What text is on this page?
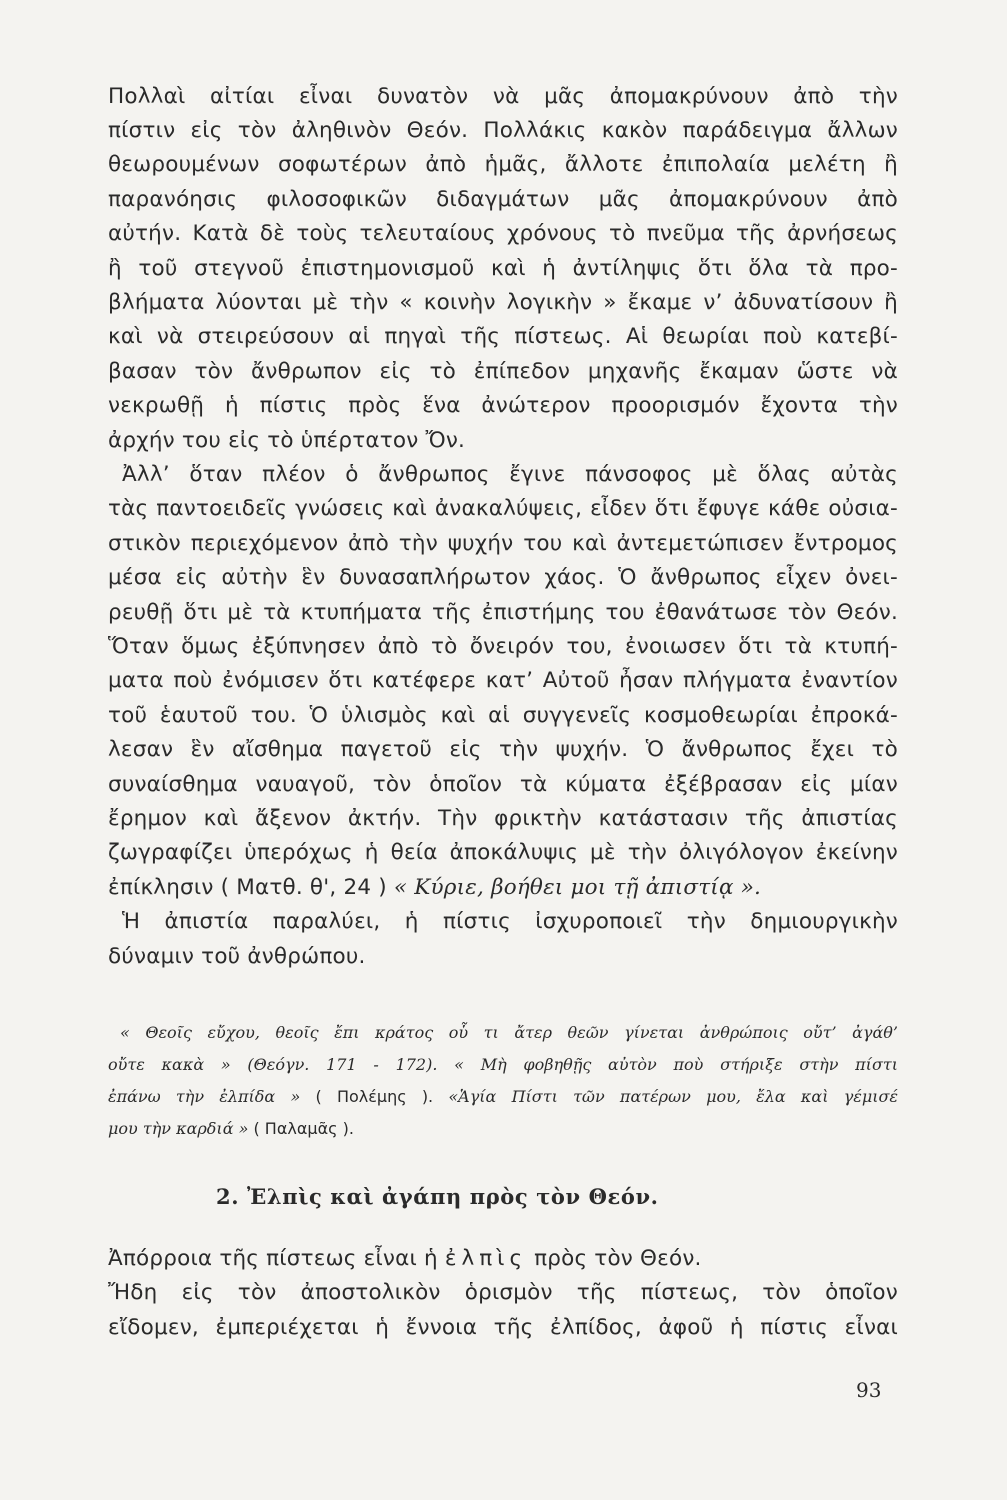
Πολλαὶ αἰτίαι εἶναι δυνατὸν νὰ μᾶς ἀπομακρύνουν ἀπὸ τὴν
πίστιν εἰς τὸν ἀληθινὸν Θεόν. Πολλάκις κακὸν παράδειγμα ἄλλων
θεωρουμένων σοφωτέρων ἀπὸ ἡμᾶς, ἄλλοτε ἐπιπολαία μελέτη ἢ
παρανόησις φιλοσοφικῶν διδαγμάτων μᾶς ἀπομακρύνουν ἀπὸ
αὐτήν. Κατὰ δὲ τοὺς τελευταίους χρόνους τὸ πνεῦμα τῆς ἀρνήσεως
ἢ τοῦ στεγνοῦ ἐπιστημονισμοῦ καὶ ἡ ἀντίληψις ὅτι ὅλα τὰ προ-
βλήματα λύονται μὲ τὴν « κοινὴν λογικὴν » ἔκαμε ν’ ἀδυνατίσουν ἢ
καὶ νὰ στειρεύσουν αἱ πηγαὶ τῆς πίστεως. Αἱ θεωρίαι ποὺ κατεβί-
βασαν τὸν ἄνθρωπον εἰς τὸ ἐπίπεδον μηχανῆς ἔκαμαν ὥστε νὰ
νεκρωθῇ ἡ πίστις πρὸς ἕνα ἀνώτερον προορισμόν ἔχοντα τὴν
ἀρχήν του εἰς τὸ ὑπέρτατον Ὄν.
Ἀλλ’ ὅταν πλέον ὁ ἄνθρωπος ἔγινε πάνσοφος μὲ ὅλας αὐτὰς
τὰς παντοειδεῖς γνώσεις καὶ ἀνακαλύψεις, εἶδεν ὅτι ἔφυγε κάθε οὐσια-
στικὸν περιεχόμενον ἀπὸ τὴν ψυχήν του καὶ ἀντεμετώπισεν ἔντρομος
μέσα εἰς αὐτὴν ἓν δυνασαπλήρωτον χάος. Ὁ ἄνθρωπος εἶχεν ὀνει-
ρευθῇ ὅτι μὲ τὰ κτυπήματα τῆς ἐπιστήμης του ἐθανάτωσε τὸν Θεόν.
Ὅταν ὅμως ἐξύπνησεν ἀπὸ τὸ ὄνειρόν του, ἐνοιωσεν ὅτι τὰ κτυπή-
ματα ποὺ ἐνόμισεν ὅτι κατέφερε κατ’ Αὐτοῦ ἦσαν πλήγματα ἐναντίον
τοῦ ἑαυτοῦ του. Ὁ ὑλισμὸς καὶ αἱ συγγενεῖς κοσμοθεωρίαι ἐπροκά-
λεσαν ἓν αἴσθημα παγετοῦ εἰς τὴν ψυχήν. Ὁ ἄνθρωπος ἔχει τὸ
συναίσθημα ναυαγοῦ, τὸν ὁποῖον τὰ κύματα ἐξέβρασαν εἰς μίαν
ἔρημον καὶ ἄξενον ἀκτήν. Τὴν φρικτὴν κατάστασιν τῆς ἀπιστίας
ζωγραφίζει ὑπερόχως ἡ θεία ἀποκάλυψις μὲ τὴν ὀλιγόλογον ἐκείνην
ἐπίκλησιν ( Ματθ. θ', 24 ) « Κύριε, βοήθει μοι τῇ ἀπιστίᾳ ».
Ἡ ἀπιστία παραλύει, ἡ πίστις ἰσχυροποιεῖ τὴν δημιουργικὴν
δύναμιν τοῦ ἀνθρώπου.
« Θεοῖς εὔχου, θεοῖς ἔπι κράτος οὗ τι ἄτερ θεῶν γίνεται ἀνθρώποις οὔτ’ ἀγάθ’
οὔτε κακὰ » (Θεόγν. 171 - 172). « Μὴ φοβηθῇς αὐτὸν ποὺ στήριξε στὴν πίστι
ἐπάνω τὴν ἐλπίδα » ( Πολέμης ). «Ἁγία Πίστι τῶν πατέρων μου, ἔλα καὶ γέμισέ
μου τὴν καρδιά » ( Παλαμᾶς ).
2. Ἐλπὶς καὶ ἀγάπη πρὸς τὸν Θεόν.
Ἀπόρροια τῆς πίστεως εἶναι ἡ ἐλπὶς πρὸς τὸν Θεόν.
Ἤδη εἰς τὸν ἀποστολικὸν ὁρισμὸν τῆς πίστεως, τὸν ὁποῖον
εἴδομεν, ἐμπεριέχεται ἡ ἔννοια τῆς ἐλπίδος, ἀφοῦ ἡ πίστις εἶναι
93
